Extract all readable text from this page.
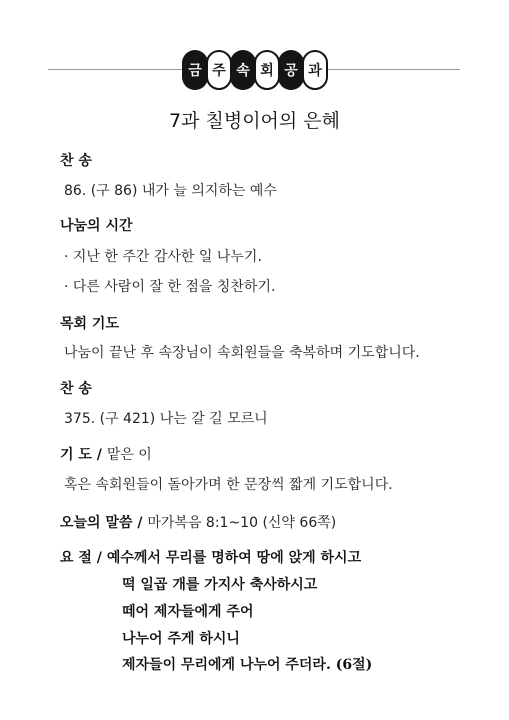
금 주 속 회 공 과
7과 칠병이어의 은혜
찬 송
86. (구 86) 내가 늘 의지하는 예수
나눔의 시간
· 지난 한 주간 감사한 일 나누기.
· 다른 사람이 잘 한 점을 칭찬하기.
목회 기도
나눔이 끝난 후 속장님이 속회원들을 축복하며 기도합니다.
찬 송
375. (구 421) 나는 갈 길 모르니
기 도 / 맡은 이
혹은 속회원들이 돌아가며 한 문장씩 짧게 기도합니다.
오늘의 말씀 / 마가복음 8:1~10 (신약 66쪽)
요 절 / 예수께서 무리를 명하여 땅에 앉게 하시고
떡 일곱 개를 가지사 축사하시고
떼어 제자들에게 주어
나누어 주게 하시니
제자들이 무리에게 나누어 주더라. (6절)
